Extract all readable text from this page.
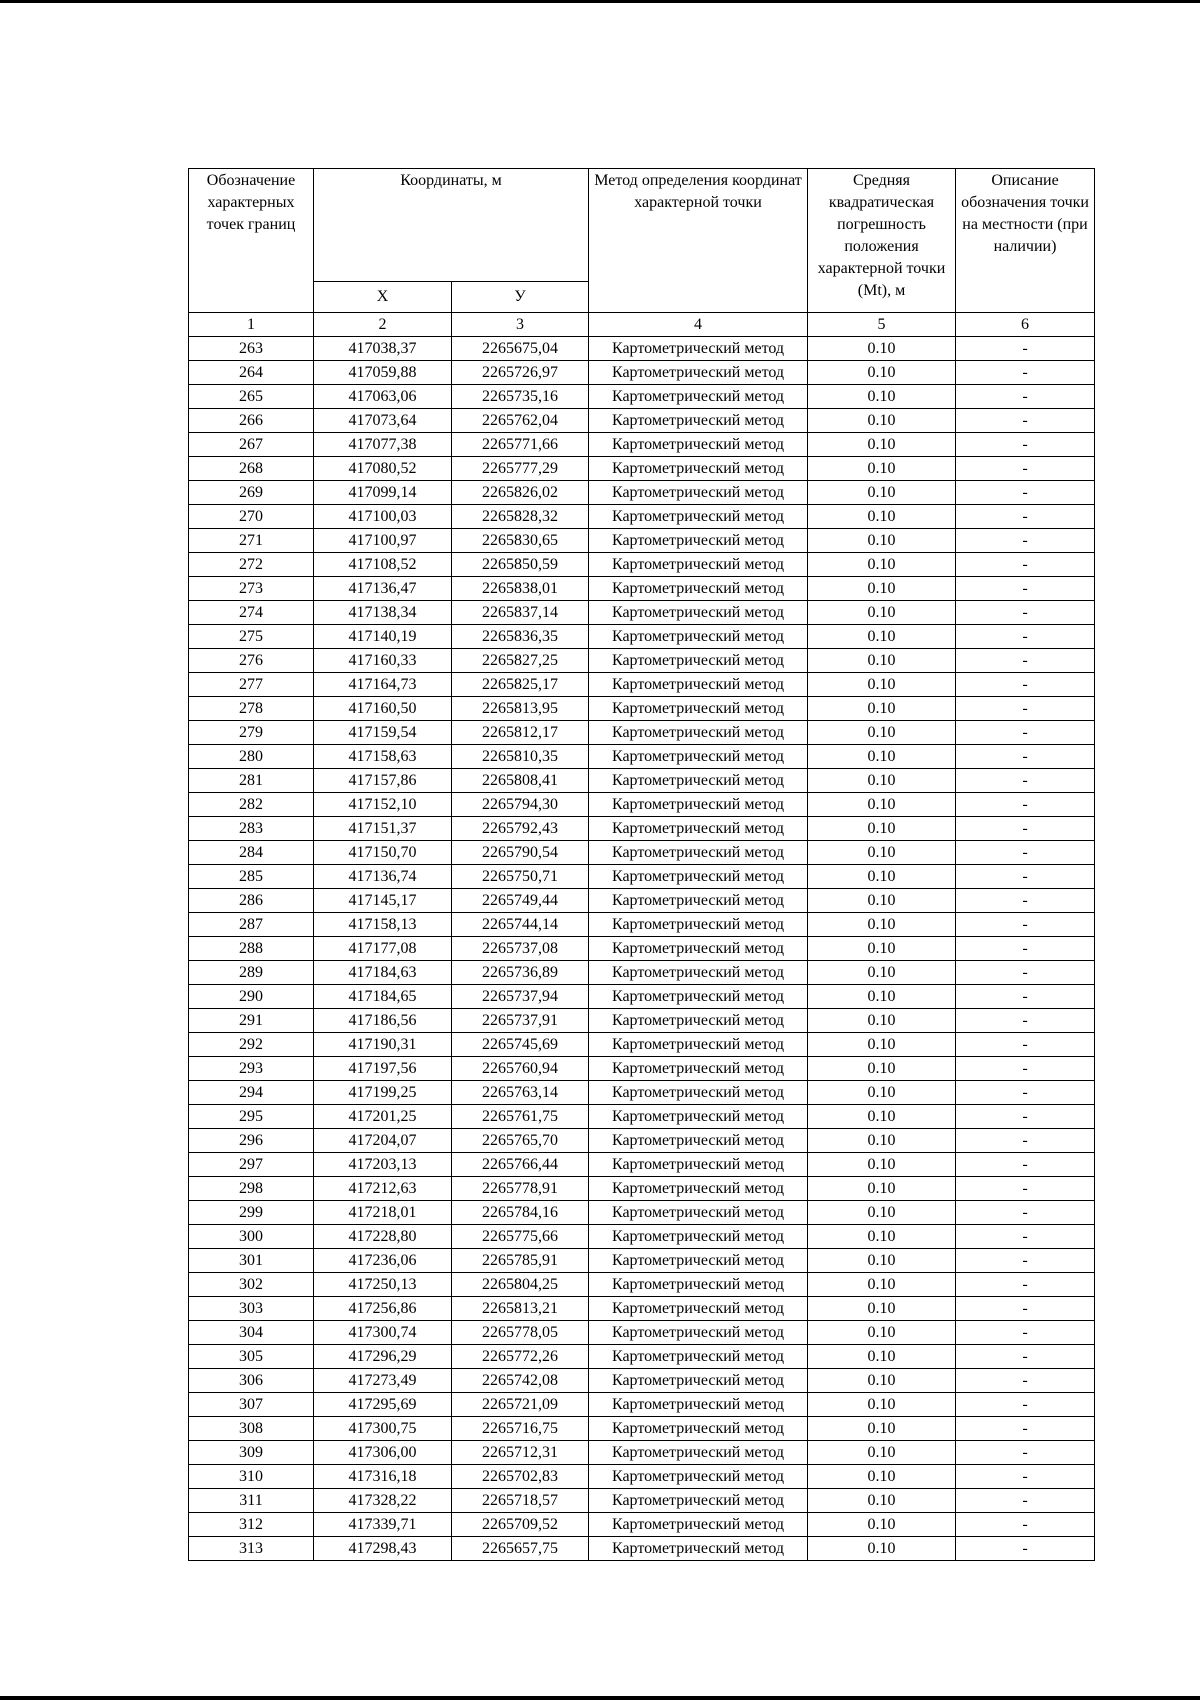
Обозначение характерных точек границ	Координаты, м		Метод определения координат характерной точки	Средняя квадратическая погрешность положения характерной точки (Mt), м	Описание обозначения точки на местности (при наличии)
	X	У			
1	2	3	4	5	6
263	417038,37	2265675,04	Картометрический метод	0.10	-
264	417059,88	2265726,97	Картометрический метод	0.10	-
265	417063,06	2265735,16	Картометрический метод	0.10	-
266	417073,64	2265762,04	Картометрический метод	0.10	-
267	417077,38	2265771,66	Картометрический метод	0.10	-
268	417080,52	2265777,29	Картометрический метод	0.10	-
269	417099,14	2265826,02	Картометрический метод	0.10	-
270	417100,03	2265828,32	Картометрический метод	0.10	-
271	417100,97	2265830,65	Картометрический метод	0.10	-
272	417108,52	2265850,59	Картометрический метод	0.10	-
273	417136,47	2265838,01	Картометрический метод	0.10	-
274	417138,34	2265837,14	Картометрический метод	0.10	-
275	417140,19	2265836,35	Картометрический метод	0.10	-
276	417160,33	2265827,25	Картометрический метод	0.10	-
277	417164,73	2265825,17	Картометрический метод	0.10	-
278	417160,50	2265813,95	Картометрический метод	0.10	-
279	417159,54	2265812,17	Картометрический метод	0.10	-
280	417158,63	2265810,35	Картометрический метод	0.10	-
281	417157,86	2265808,41	Картометрический метод	0.10	-
282	417152,10	2265794,30	Картометрический метод	0.10	-
283	417151,37	2265792,43	Картометрический метод	0.10	-
284	417150,70	2265790,54	Картометрический метод	0.10	-
285	417136,74	2265750,71	Картометрический метод	0.10	-
286	417145,17	2265749,44	Картометрический метод	0.10	-
287	417158,13	2265744,14	Картометрический метод	0.10	-
288	417177,08	2265737,08	Картометрический метод	0.10	-
289	417184,63	2265736,89	Картометрический метод	0.10	-
290	417184,65	2265737,94	Картометрический метод	0.10	-
291	417186,56	2265737,91	Картометрический метод	0.10	-
292	417190,31	2265745,69	Картометрический метод	0.10	-
293	417197,56	2265760,94	Картометрический метод	0.10	-
294	417199,25	2265763,14	Картометрический метод	0.10	-
295	417201,25	2265761,75	Картометрический метод	0.10	-
296	417204,07	2265765,70	Картометрический метод	0.10	-
297	417203,13	2265766,44	Картометрический метод	0.10	-
298	417212,63	2265778,91	Картометрический метод	0.10	-
299	417218,01	2265784,16	Картометрический метод	0.10	-
300	417228,80	2265775,66	Картометрический метод	0.10	-
301	417236,06	2265785,91	Картометрический метод	0.10	-
302	417250,13	2265804,25	Картометрический метод	0.10	-
303	417256,86	2265813,21	Картометрический метод	0.10	-
304	417300,74	2265778,05	Картометрический метод	0.10	-
305	417296,29	2265772,26	Картометрический метод	0.10	-
306	417273,49	2265742,08	Картометрический метод	0.10	-
307	417295,69	2265721,09	Картометрический метод	0.10	-
308	417300,75	2265716,75	Картометрический метод	0.10	-
309	417306,00	2265712,31	Картометрический метод	0.10	-
310	417316,18	2265702,83	Картометрический метод	0.10	-
311	417328,22	2265718,57	Картометрический метод	0.10	-
312	417339,71	2265709,52	Картометрический метод	0.10	-
313	417298,43	2265657,75	Картометрический метод	0.10	-
